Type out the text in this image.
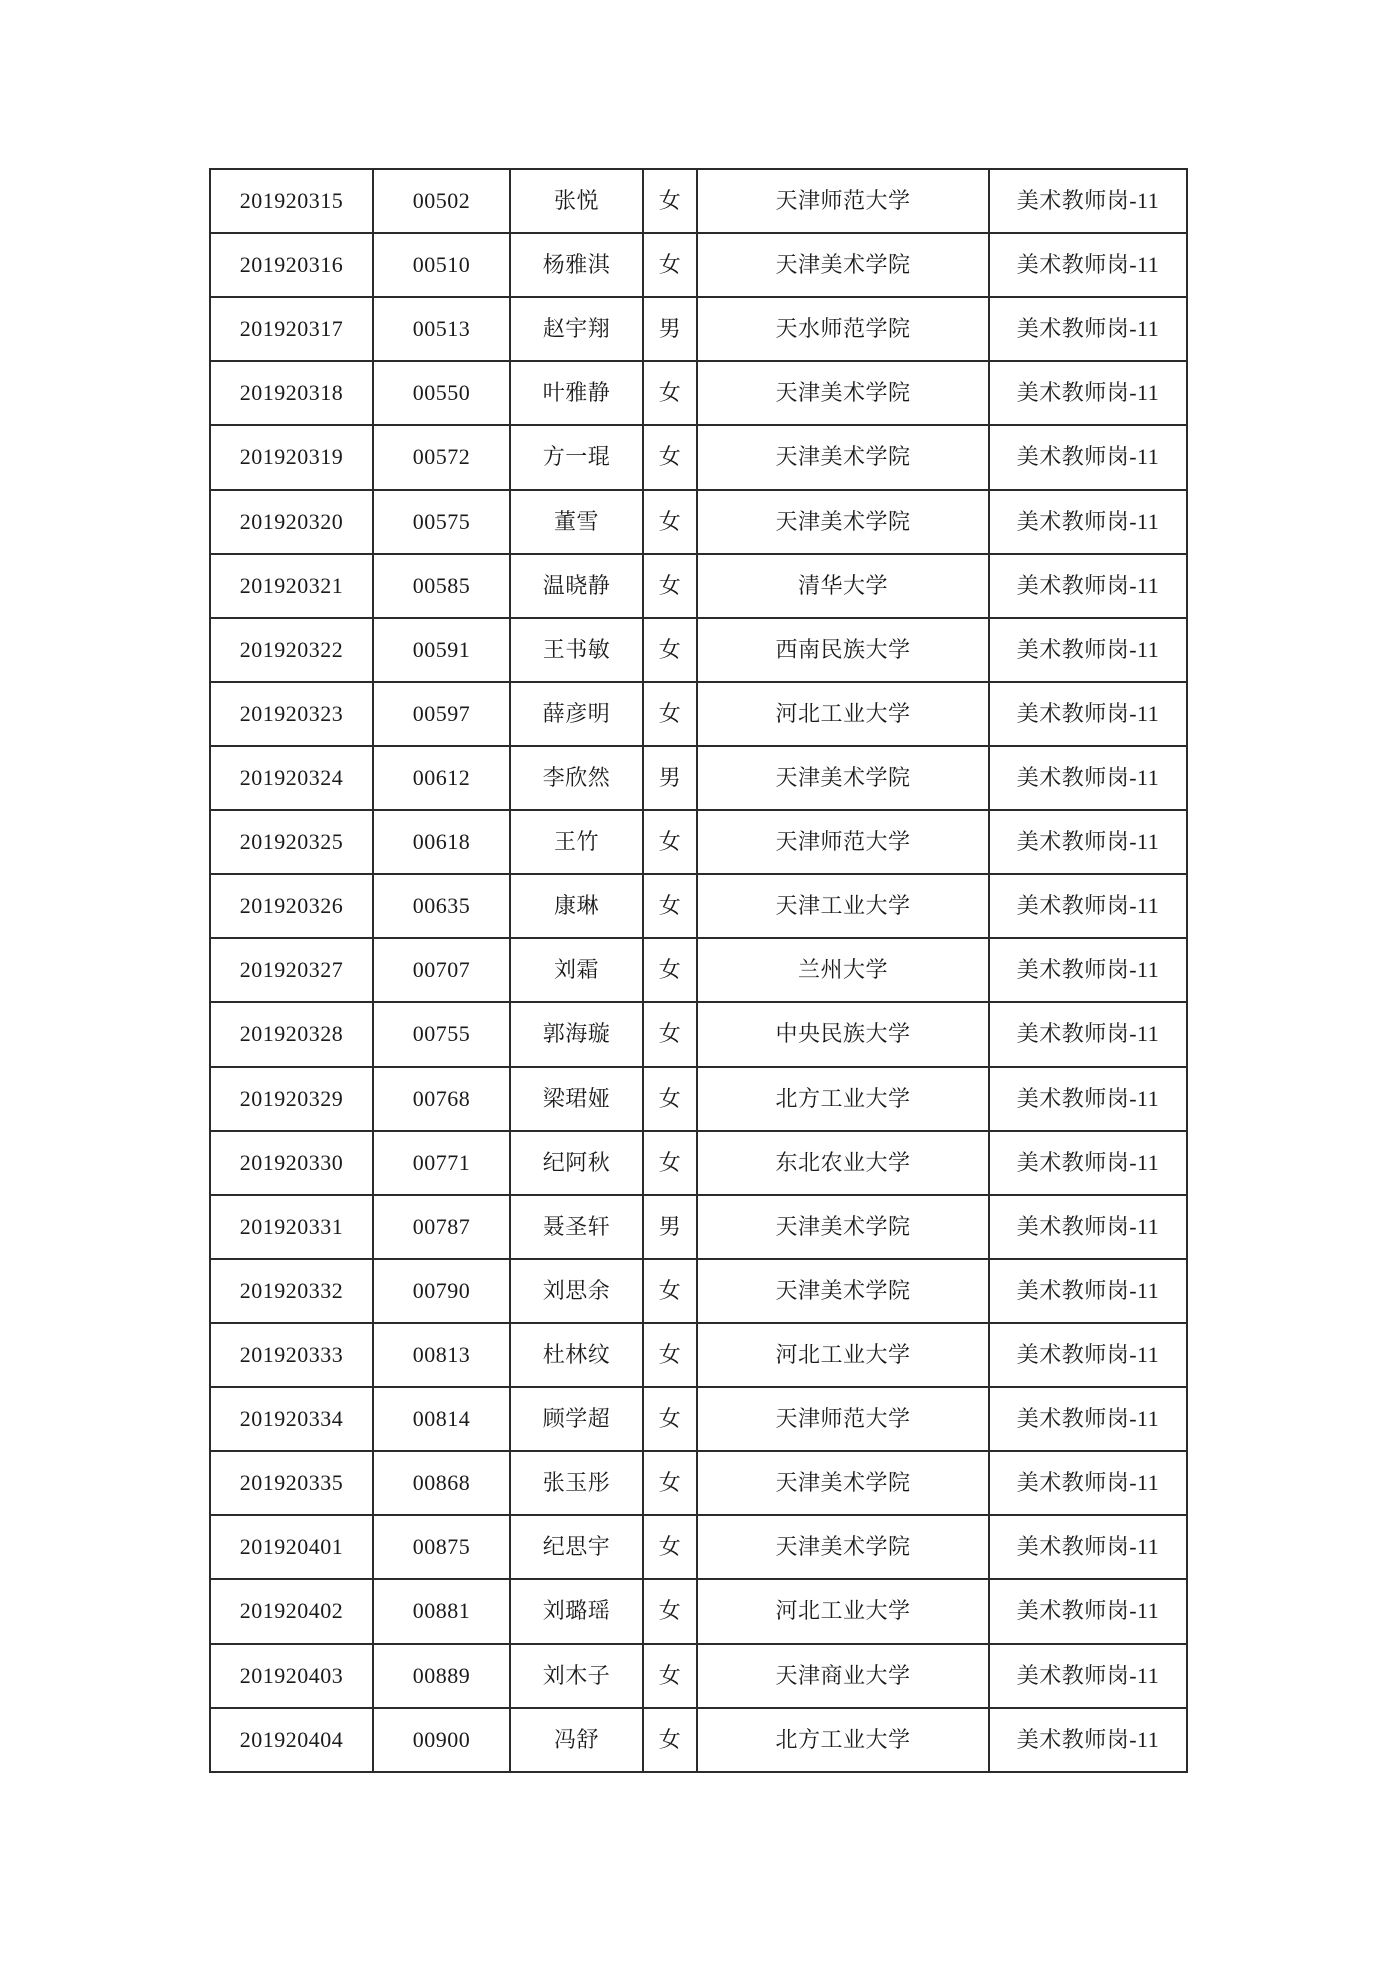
201920315	00502	张悦	女	天津师范大学	美术教师岗-11
201920316	00510	杨雅淇	女	天津美术学院	美术教师岗-11
201920317	00513	赵宇翔	男	天水师范学院	美术教师岗-11
201920318	00550	叶雅静	女	天津美术学院	美术教师岗-11
201920319	00572	方一琨	女	天津美术学院	美术教师岗-11
201920320	00575	董雪	女	天津美术学院	美术教师岗-11
201920321	00585	温晓静	女	清华大学	美术教师岗-11
201920322	00591	王书敏	女	西南民族大学	美术教师岗-11
201920323	00597	薛彦明	女	河北工业大学	美术教师岗-11
201920324	00612	李欣然	男	天津美术学院	美术教师岗-11
201920325	00618	王竹	女	天津师范大学	美术教师岗-11
201920326	00635	康琳	女	天津工业大学	美术教师岗-11
201920327	00707	刘霜	女	兰州大学	美术教师岗-11
201920328	00755	郭海璇	女	中央民族大学	美术教师岗-11
201920329	00768	梁珺娅	女	北方工业大学	美术教师岗-11
201920330	00771	纪阿秋	女	东北农业大学	美术教师岗-11
201920331	00787	聂圣轩	男	天津美术学院	美术教师岗-11
201920332	00790	刘思余	女	天津美术学院	美术教师岗-11
201920333	00813	杜林纹	女	河北工业大学	美术教师岗-11
201920334	00814	顾学超	女	天津师范大学	美术教师岗-11
201920335	00868	张玉彤	女	天津美术学院	美术教师岗-11
201920401	00875	纪思宇	女	天津美术学院	美术教师岗-11
201920402	00881	刘璐瑶	女	河北工业大学	美术教师岗-11
201920403	00889	刘木子	女	天津商业大学	美术教师岗-11
201920404	00900	冯舒	女	北方工业大学	美术教师岗-11
